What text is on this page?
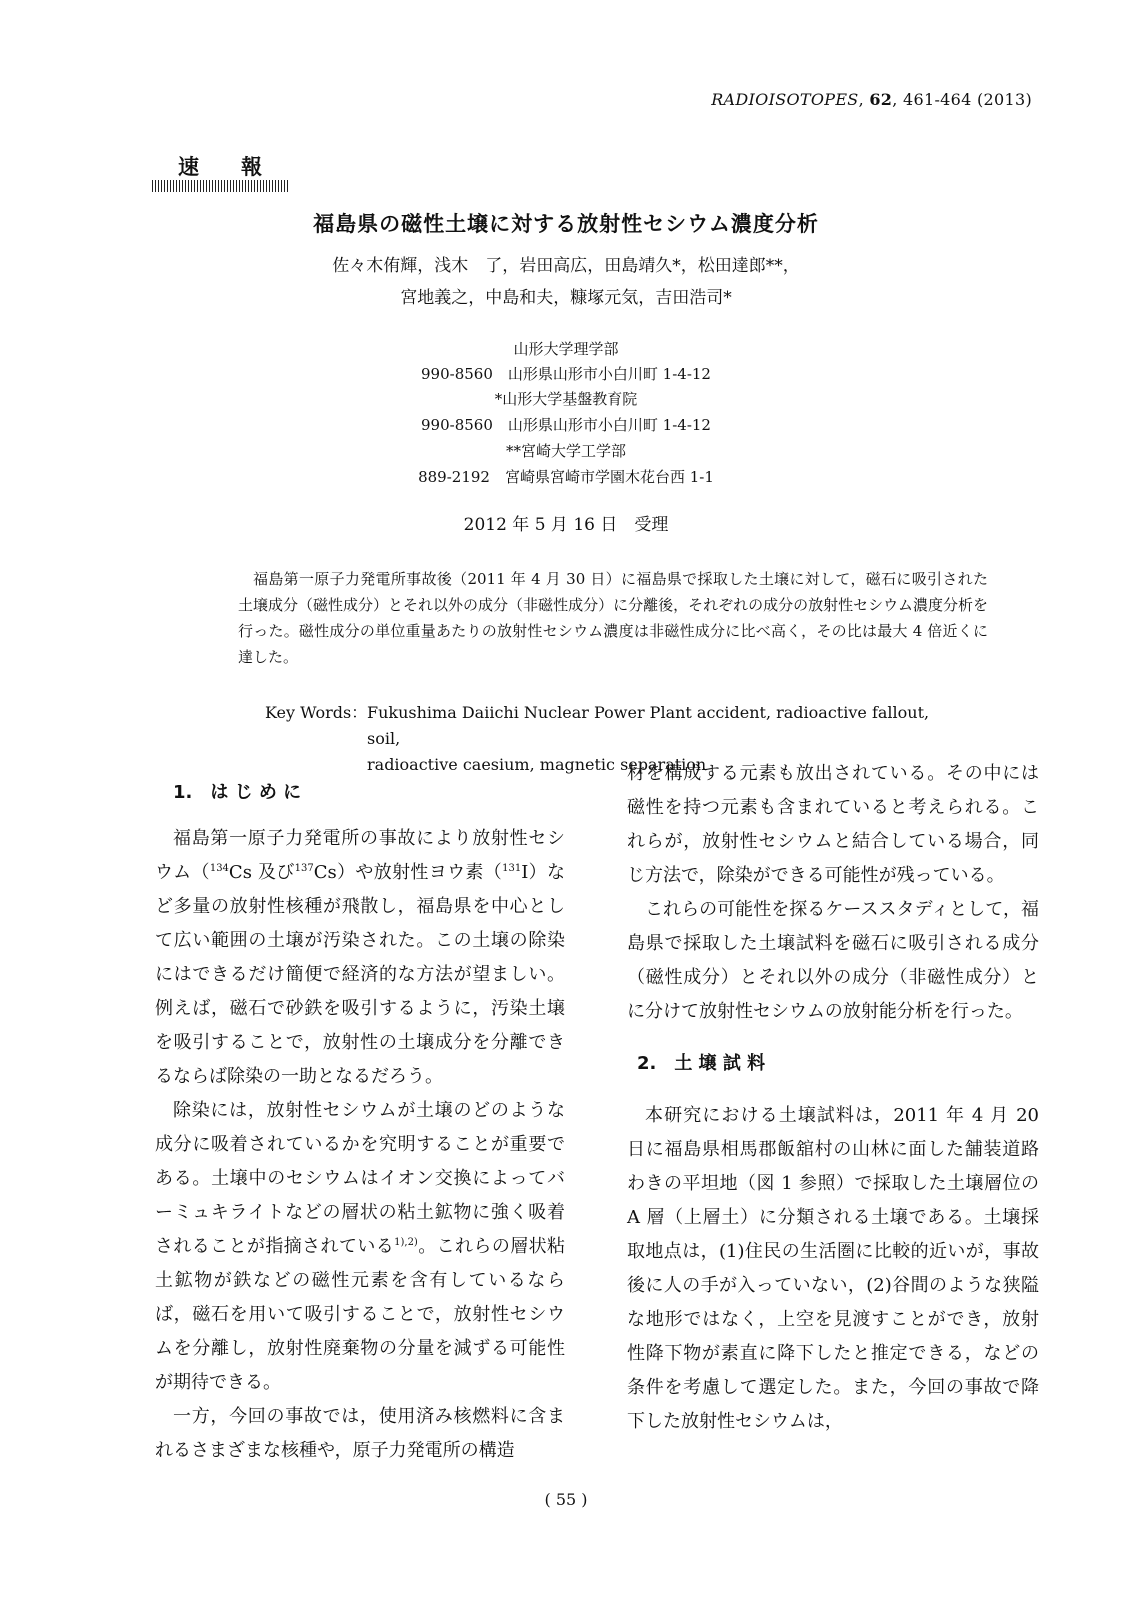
RADIOISOTOPES, 62, 461-464 (2013)
速報
福島県の磁性土壌に対する放射性セシウム濃度分析
佐々木侑輝，浅木　了，岩田高広，田島靖久*，松田達郎**，
宮地義之，中島和夫，糠塚元気，吉田浩司*
山形大学理学部
990-8560　山形県山形市小白川町 1-4-12
*山形大学基盤教育院
990-8560　山形県山形市小白川町 1-4-12
**宮崎大学工学部
889-2192　宮崎県宮崎市学園木花台西 1-1
2012 年 5 月 16 日　受理
福島第一原子力発電所事故後（2011 年 4 月 30 日）に福島県で採取した土壌に対して，磁石に吸引された土壌成分（磁性成分）とそれ以外の成分（非磁性成分）に分離後，それぞれの成分の放射性セシウム濃度分析を行った。磁性成分の単位重量あたりの放射性セシウム濃度は非磁性成分に比べ高く，その比は最大 4 倍近くに達した。
Key Words： Fukushima Daiichi Nuclear Power Plant accident, radioactive fallout, soil,
radioactive caesium, magnetic separation
1.　は じ め に

福島第一原子力発電所の事故により放射性セシウム（$^{134}$Cs 及び$^{137}$Cs）や放射性ヨウ素（$^{131}$I）など多量の放射性核種が飛散し，福島県を中心として広い範囲の土壌が汚染された。この土壌の除染にはできるだけ簡便で経済的な方法が望ましい。例えば，磁石で砂鉄を吸引するように，汚染土壌を吸引することで，放射性の土壌成分を分離できるならば除染の一助となるだろう。

除染には，放射性セシウムが土壌のどのような成分に吸着されているかを究明することが重要である。土壌中のセシウムはイオン交換によってバーミュキライトなどの層状の粘土鉱物に強く吸着されることが指摘されている$^{1),2)}$。これらの層状粘土鉱物が鉄などの磁性元素を含有しているならば，磁石を用いて吸引することで，放射性セシウムを分離し，放射性廃棄物の分量を減ずる可能性が期待できる。

一方，今回の事故では，使用済み核燃料に含まれるさまざまな核種や，原子力発電所の構造

材を構成する元素も放出されている。その中には磁性を持つ元素も含まれていると考えられる。これらが，放射性セシウムと結合している場合，同じ方法で，除染ができる可能性が残っている。

これらの可能性を探るケーススタディとして，福島県で採取した土壌試料を磁石に吸引される成分（磁性成分）とそれ以外の成分（非磁性成分）とに分けて放射性セシウムの放射能分析を行った。

2.　土 壌 試 料

本研究における土壌試料は，2011 年 4 月 20 日に福島県相馬郡飯舘村の山林に面した舗装道路わきの平坦地（図 1 参照）で採取した土壌層位の A 層（上層土）に分類される土壌である。土壌採取地点は，(1)住民の生活圏に比較的近いが，事故後に人の手が入っていない，(2)谷間のような狭隘な地形ではなく，上空を見渡すことができ，放射性降下物が素直に降下したと推定できる，などの条件を考慮して選定した。また，今回の事故で降下した放射性セシウムは，

( 55 )
